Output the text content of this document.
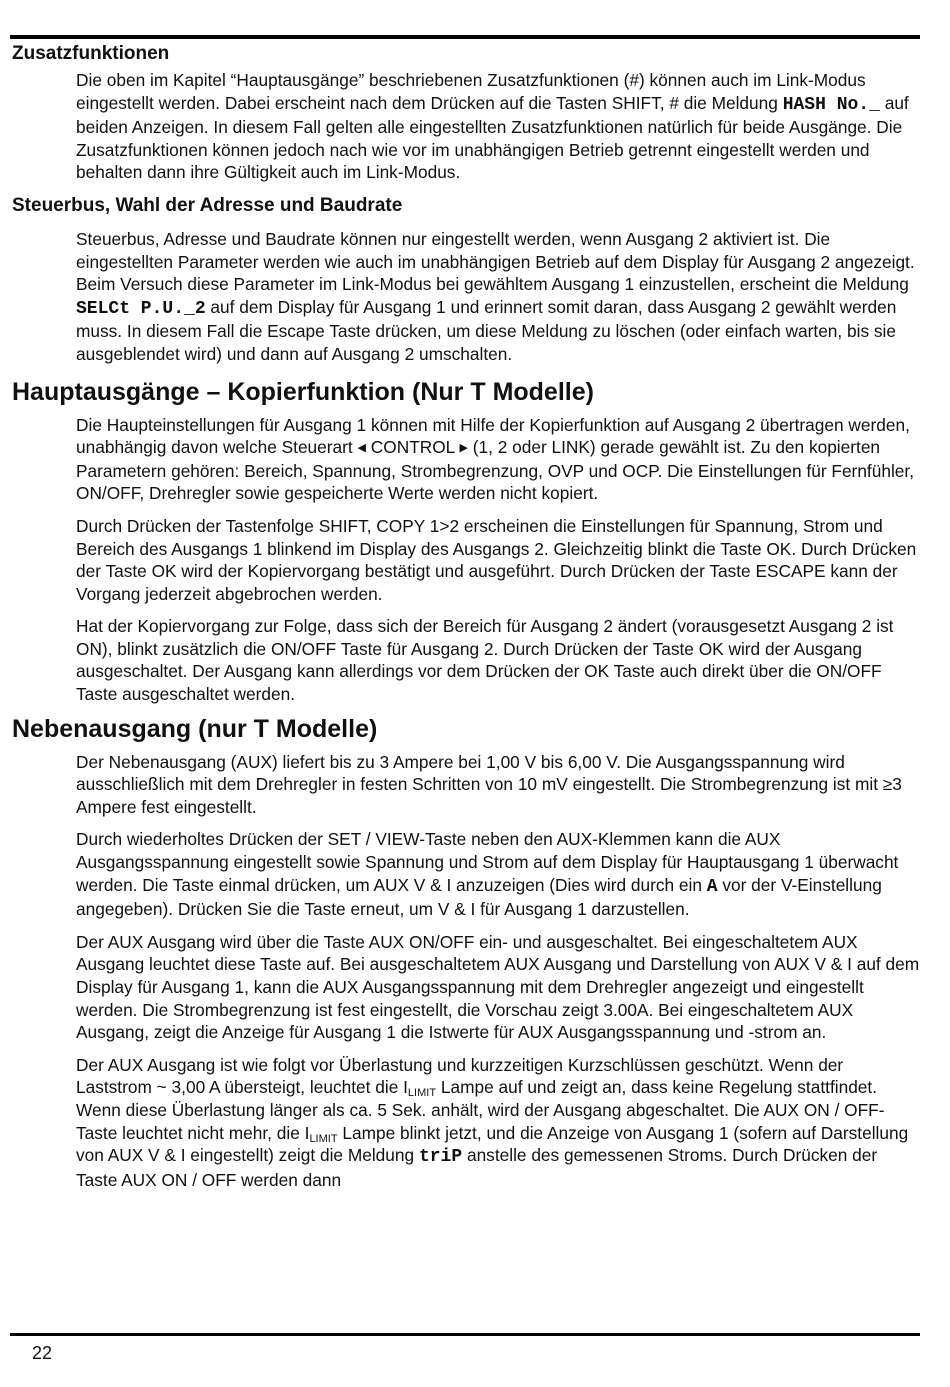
Zusatzfunktionen

Die oben im Kapitel “Hauptausgänge” beschriebenen Zusatzfunktionen (#) können auch im Link-Modus eingestellt werden. Dabei erscheint nach dem Drücken auf die Tasten SHIFT, # die Meldung HASH No._ auf beiden Anzeigen. In diesem Fall gelten alle eingestellten Zusatzfunktionen natürlich für beide Ausgänge. Die Zusatzfunktionen können jedoch nach wie vor im unabhängigen Betrieb getrennt eingestellt werden und behalten dann ihre Gültigkeit auch im Link-Modus.

Steuerbus, Wahl der Adresse und Baudrate

Steuerbus, Adresse und Baudrate können nur eingestellt werden, wenn Ausgang 2 aktiviert ist. Die eingestellten Parameter werden wie auch im unabhängigen Betrieb auf dem Display für Ausgang 2 angezeigt. Beim Versuch diese Parameter im Link-Modus bei gewähltem Ausgang 1 einzustellen, erscheint die Meldung SELCt P.U._2 auf dem Display für Ausgang 1 und erinnert somit daran, dass Ausgang 2 gewählt werden muss. In diesem Fall die Escape Taste drücken, um diese Meldung zu löschen (oder einfach warten, bis sie ausgeblendet wird) und dann auf Ausgang 2 umschalten.

Hauptausgänge – Kopierfunktion (Nur T Modelle)

Die Haupteinstellungen für Ausgang 1 können mit Hilfe der Kopierfunktion auf Ausgang 2 übertragen werden, unabhängig davon welche Steuerart ◀ CONTROL ▶ (1, 2 oder LINK) gerade gewählt ist. Zu den kopierten Parametern gehören: Bereich, Spannung, Strombegrenzung, OVP und OCP. Die Einstellungen für Fernfühler, ON/OFF, Drehregler sowie gespeicherte Werte werden nicht kopiert.

Durch Drücken der Tastenfolge SHIFT, COPY 1>2 erscheinen die Einstellungen für Spannung, Strom und Bereich des Ausgangs 1 blinkend im Display des Ausgangs 2. Gleichzeitig blinkt die Taste OK. Durch Drücken der Taste OK wird der Kopiervorgang bestätigt und ausgeführt. Durch Drücken der Taste ESCAPE kann der Vorgang jederzeit abgebrochen werden.

Hat der Kopiervorgang zur Folge, dass sich der Bereich für Ausgang 2 ändert (vorausgesetzt Ausgang 2 ist ON), blinkt zusätzlich die ON/OFF Taste für Ausgang 2. Durch Drücken der Taste OK wird der Ausgang ausgeschaltet. Der Ausgang kann allerdings vor dem Drücken der OK Taste auch direkt über die ON/OFF Taste ausgeschaltet werden.

Nebenausgang (nur T Modelle)

Der Nebenausgang (AUX) liefert bis zu 3 Ampere bei 1,00 V bis 6,00 V. Die Ausgangsspannung wird ausschließlich mit dem Drehregler in festen Schritten von 10 mV eingestellt. Die Strombegrenzung ist mit ≥3 Ampere fest eingestellt.

Durch wiederholtes Drücken der SET / VIEW-Taste neben den AUX-Klemmen kann die AUX Ausgangsspannung eingestellt sowie Spannung und Strom auf dem Display für Hauptausgang 1 überwacht werden. Die Taste einmal drücken, um AUX V & I anzuzeigen (Dies wird durch ein A vor der V-Einstellung angegeben). Drücken Sie die Taste erneut, um V & I für Ausgang 1 darzustellen.

Der AUX Ausgang wird über die Taste AUX ON/OFF ein- und ausgeschaltet. Bei eingeschaltetem AUX Ausgang leuchtet diese Taste auf. Bei ausgeschaltetem AUX Ausgang und Darstellung von AUX V & I auf dem Display für Ausgang 1, kann die AUX Ausgangsspannung mit dem Drehregler angezeigt und eingestellt werden. Die Strombegrenzung ist fest eingestellt, die Vorschau zeigt 3.00A. Bei eingeschaltetem AUX Ausgang, zeigt die Anzeige für Ausgang 1 die Istwerte für AUX Ausgangsspannung und -strom an.

Der AUX Ausgang ist wie folgt vor Überlastung und kurzzeitigen Kurzschlüssen geschützt. Wenn der Laststrom ~ 3,00 A übersteigt, leuchtet die $I_{LIMIT}$ Lampe auf und zeigt an, dass keine Regelung stattfindet. Wenn diese Überlastung länger als ca. 5 Sek. anhält, wird der Ausgang abgeschaltet. Die AUX ON / OFF-Taste leuchtet nicht mehr, die $I_{LIMIT}$ Lampe blinkt jetzt, und die Anzeige von Ausgang 1 (sofern auf Darstellung von AUX V & I eingestellt) zeigt die Meldung triP anstelle des gemessenen Stroms. Durch Drücken der Taste AUX ON / OFF werden dann

22
